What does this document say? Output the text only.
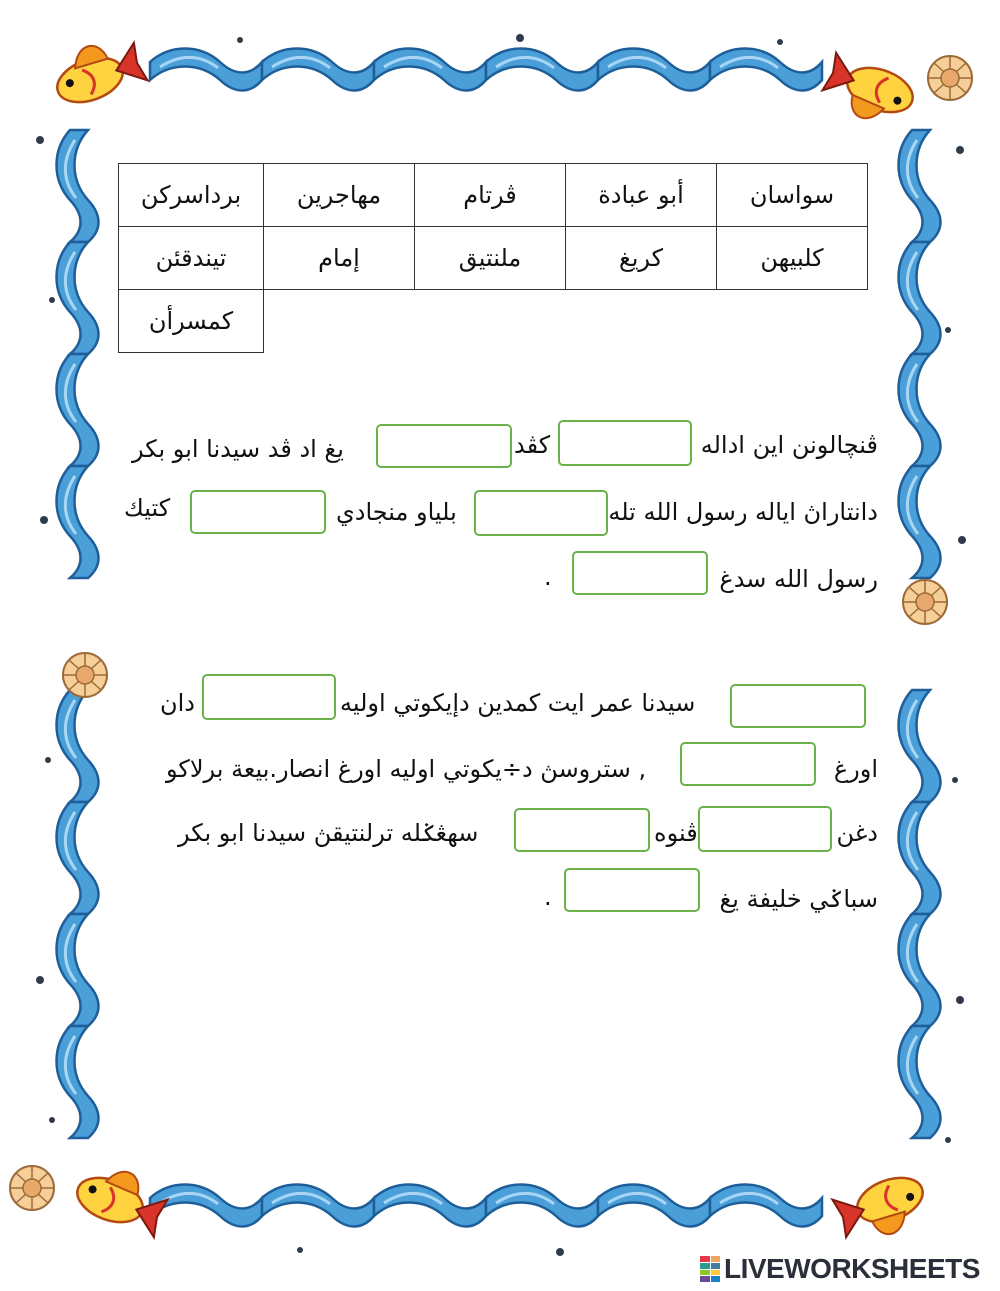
سواسان	أبو عبادة	ڤرتام	مهاجرين	برداسركن
كلبيهن	كريغ	ملنتيق	إمام	تيندقئن
				كمسرأن
ڤنچالونن اين اداله
كڤد
يغ اد ڤد سيدنا ابو بكر
دانتاراڽ اياله رسول الله تله
بلياو منجادي
كتيك
رسول الله سدغ
.
سيدنا عمر ايت كمدين دإيكوتي اوليه
دان
اورغ
, ستروسڽ د÷يكوتي اوليه اورغ انصار.بيعة برلاكو
دغن
ڤنوه
سهڠݢله ترلنتيقڽ سيدنا ابو بكر
سباݢي خليفة يغ
.
LIVEWORKSHEETS
